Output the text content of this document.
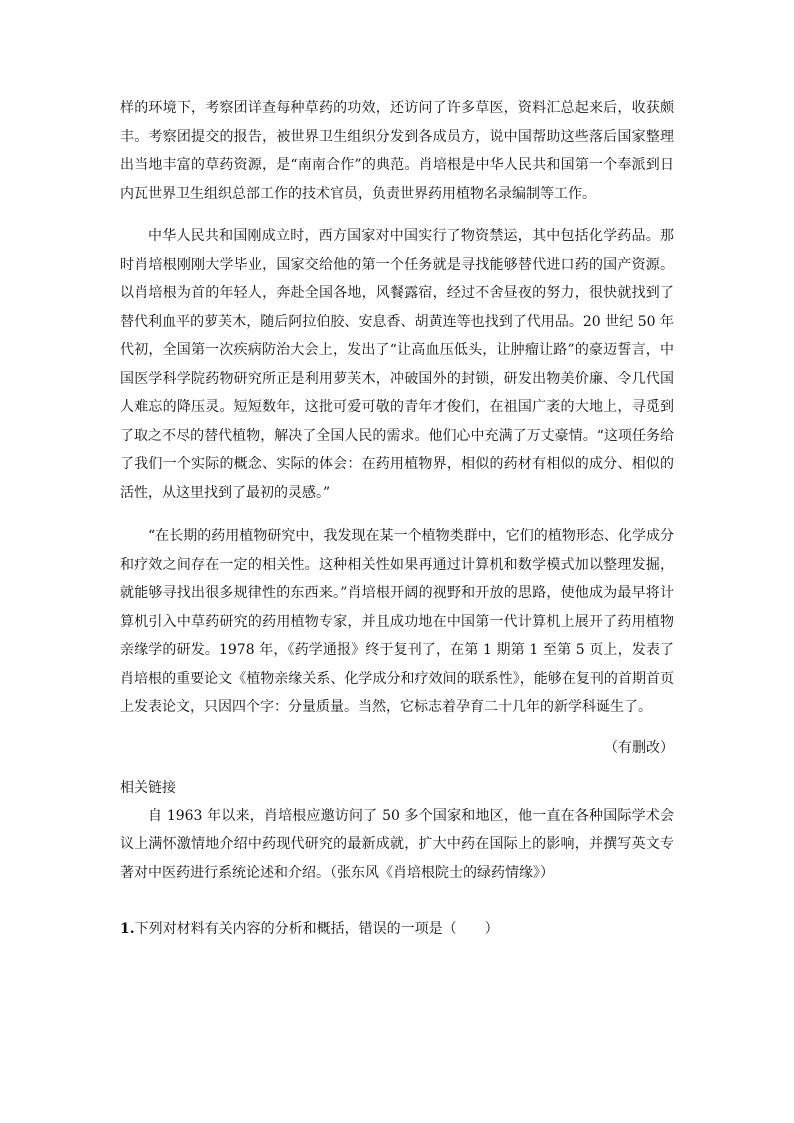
样的环境下，考察团详查每种草药的功效，还访问了许多草医，资料汇总起来后，收获颇丰。考察团提交的报告，被世界卫生组织分发到各成员方，说中国帮助这些落后国家整理出当地丰富的草药资源，是“南南合作”的典范。肖培根是中华人民共和国第一个奉派到日内瓦世界卫生组织总部工作的技术官员，负责世界药用植物名录编制等工作。

中华人民共和国刚成立时，西方国家对中国实行了物资禁运，其中包括化学药品。那时肖培根刚刚大学毕业，国家交给他的第一个任务就是寻找能够替代进口药的国产资源。以肖培根为首的年轻人，奔赴全国各地，风餐露宿，经过不舍昼夜的努力，很快就找到了替代利血平的萝芙木，随后阿拉伯胶、安息香、胡黄连等也找到了代用品。20 世纪 50 年代初，全国第一次疾病防治大会上，发出了“让高血压低头，让肿瘤让路”的豪迈誓言，中国医学科学院药物研究所正是利用萝芙木，冲破国外的封锁，研发出物美价廉、令几代国人难忘的降压灵。短短数年，这批可爱可敬的青年才俊们，在祖国广袤的大地上，寻觅到了取之不尽的替代植物，解决了全国人民的需求。他们心中充满了万丈豪情。“这项任务给了我们一个实际的概念、实际的体会：在药用植物界，相似的药材有相似的成分、相似的活性，从这里找到了最初的灵感。”

“在长期的药用植物研究中，我发现在某一个植物类群中，它们的植物形态、化学成分和疗效之间存在一定的相关性。这种相关性如果再通过计算机和数学模式加以整理发掘，就能够寻找出很多规律性的东西来。”肖培根开阔的视野和开放的思路，使他成为最早将计算机引入中草药研究的药用植物专家，并且成功地在中国第一代计算机上展开了药用植物亲缘学的研发。1978 年，《药学通报》终于复刊了，在第 1 期第 1 至第 5 页上，发表了肖培根的重要论文《植物亲缘关系、化学成分和疗效间的联系性》，能够在复刊的首期首页上发表论文，只因四个字：分量质量。当然，它标志着孕育二十几年的新学科诞生了。

（有删改）

相关链接

自 1963 年以来，肖培根应邀访问了 50 多个国家和地区，他一直在各种国际学术会议上满怀激情地介绍中药现代研究的最新成就，扩大中药在国际上的影响，并撰写英文专著对中医药进行系统论述和介绍。（张东风《肖培根院士的绿药情缘》）

1.下列对材料有关内容的分析和概括，错误的一项是（　　）
